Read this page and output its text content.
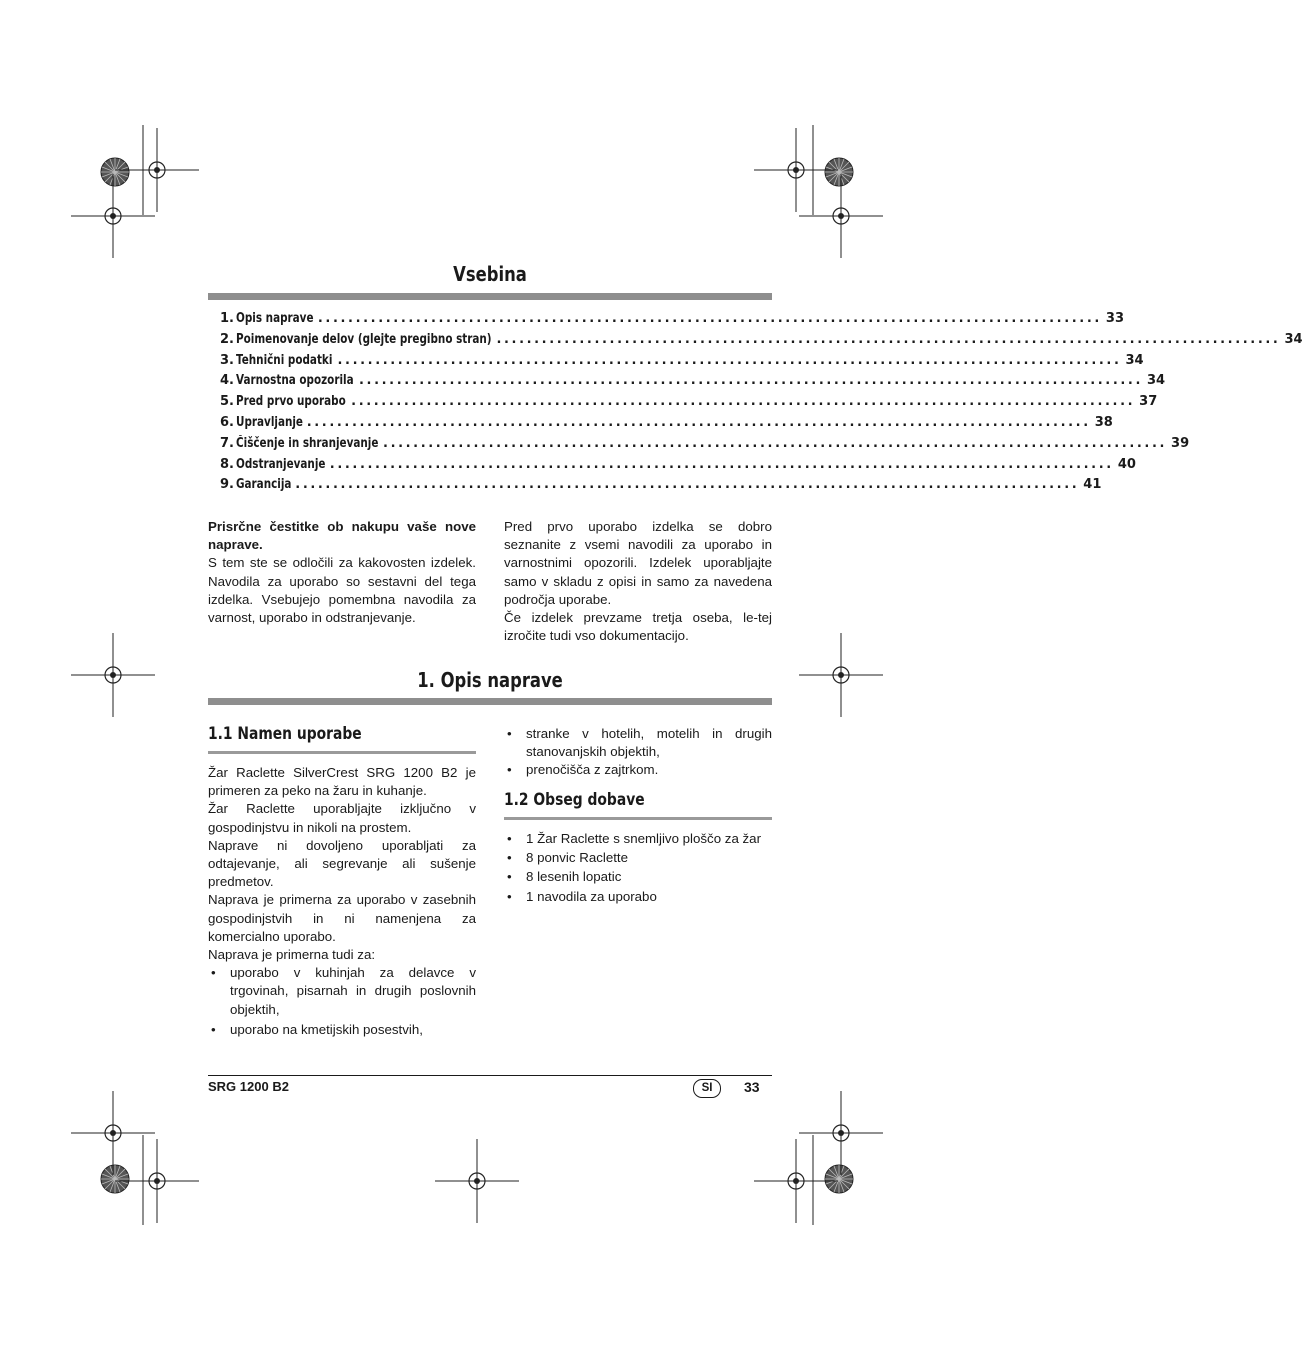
Vsebina
1. Opis naprave ........................................................................................................ 33
2. Poimenovanje delov (glejte pregibno stran) ........................................................................................................ 34
3. Tehnični podatki ........................................................................................................ 34
4. Varnostna opozorila ........................................................................................................ 34
5. Pred prvo uporabo ........................................................................................................ 37
6. Upravljanje ........................................................................................................ 38
7. Čiščenje in shranjevanje ........................................................................................................ 39
8. Odstranjevanje ........................................................................................................ 40
9. Garancija ........................................................................................................ 41

Prisrčne čestitke ob nakupu vaše nove naprave.

S tem ste se odločili za kakovosten izdelek. Navodila za uporabo so sestavni del tega izdelka. Vsebujejo pomembna navodila za varnost, uporabo in odstranjevanje.

Pred prvo uporabo izdelka se dobro seznanite z vsemi navodili za uporabo in varnostnimi opozorili. Izdelek uporabljajte samo v skladu z opisi in samo za navedena področja uporabe.

Če izdelek prevzame tretja oseba, le-tej izročite tudi vso dokumentacijo.

1. Opis naprave
1.1 Namen uporabe

Žar Raclette SilverCrest SRG 1200 B2 je primeren za peko na žaru in kuhanje.

Žar Raclette uporabljajte izključno v gospodinjstvu in nikoli na prostem.

Naprave ni dovoljeno uporabljati za odtajevanje, ali segrevanje ali sušenje predmetov.

Naprava je primerna za uporabo v zasebnih gospodinjstvih in ni namenjena za komercialno uporabo.

Naprava je primerna tudi za:

• uporabo v kuhinjah za delavce v trgovinah, pisarnah in drugih poslovnih objektih,
• uporabo na kmetijskih posestvih,
• stranke v hotelih, motelih in drugih stanovanjskih objektih,
• prenočišča z zajtrkom.
1.2 Obseg dobave
• 1 Žar Raclette s snemljivo ploščo za žar
• 8 ponvic Raclette
• 8 lesenih lopatic
• 1 navodila za uporabo
SRG 1200 B2	SI	33
